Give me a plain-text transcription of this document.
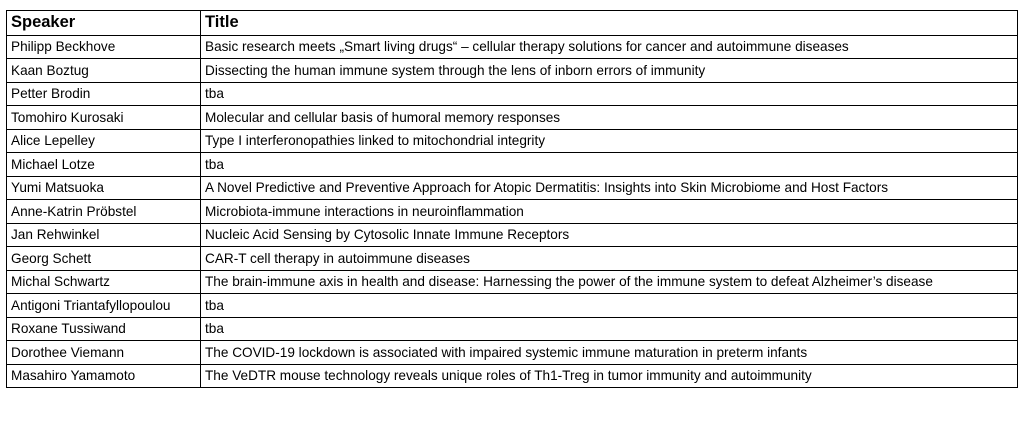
Speaker	Title
Philipp Beckhove	Basic research meets „Smart living drugs“ – cellular therapy solutions for cancer and autoimmune diseases
Kaan Boztug	Dissecting the human immune system through the lens of inborn errors of immunity
Petter Brodin	tba
Tomohiro Kurosaki	Molecular and cellular basis of humoral memory responses
Alice Lepelley	Type I interferonopathies linked to mitochondrial integrity
Michael Lotze	tba
Yumi Matsuoka	A Novel Predictive and Preventive Approach for Atopic Dermatitis: Insights into Skin Microbiome and Host Factors
Anne-Katrin Pröbstel	Microbiota-immune interactions in neuroinflammation
Jan Rehwinkel	Nucleic Acid Sensing by Cytosolic Innate Immune Receptors
Georg Schett	CAR-T cell therapy in autoimmune diseases
Michal Schwartz	The brain-immune axis in health and disease: Harnessing the power of the immune system to defeat Alzheimer’s disease
Antigoni Triantafyllopoulou	tba
Roxane Tussiwand	tba
Dorothee Viemann	The COVID-19 lockdown is associated with impaired systemic immune maturation in preterm infants
Masahiro Yamamoto	The VeDTR mouse technology reveals unique roles of Th1-Treg in tumor immunity and autoimmunity
